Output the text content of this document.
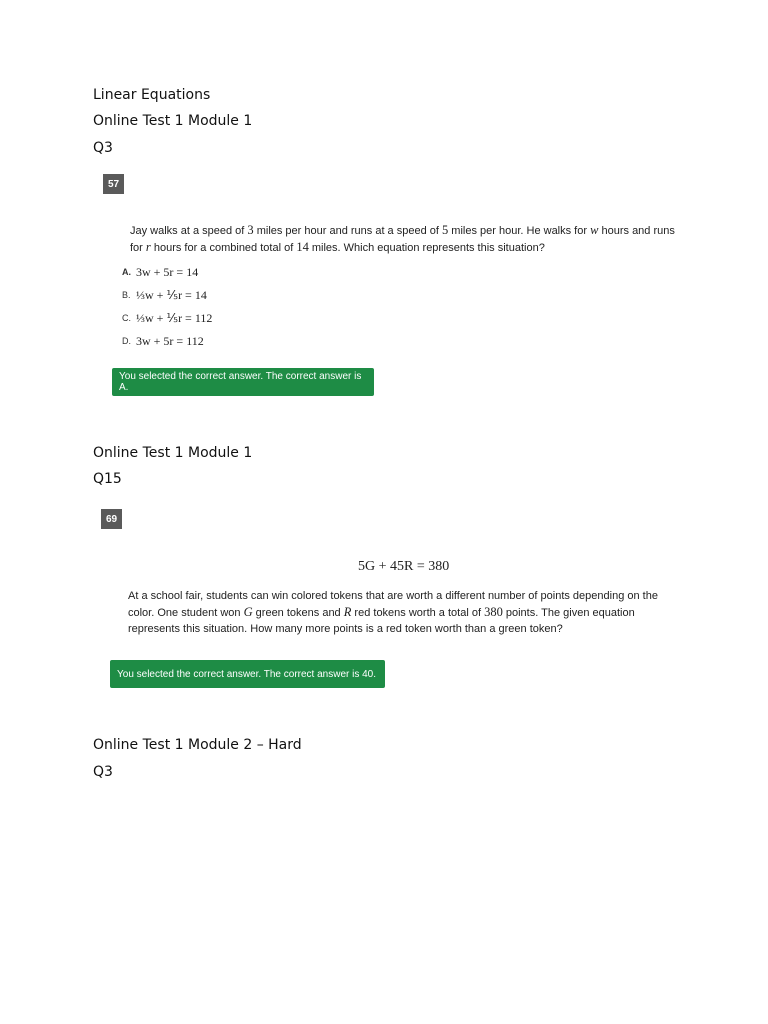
Linear Equations
Online Test 1 Module 1
Q3
57
Jay walks at a speed of 3 miles per hour and runs at a speed of 5 miles per hour. He walks for w hours and runs for r hours for a combined total of 14 miles. Which equation represents this situation?
A. 3w + 5r = 14
B. ⅓w + ⅕r = 14
C. ⅓w + ⅕r = 112
D. 3w + 5r = 112
You selected the correct answer. The correct answer is A.
Online Test 1 Module 1
Q15
69
5G + 45R = 380
At a school fair, students can win colored tokens that are worth a different number of points depending on the color. One student won G green tokens and R red tokens worth a total of 380 points. The given equation represents this situation. How many more points is a red token worth than a green token?
You selected the correct answer. The correct answer is 40.
Online Test 1 Module 2 – Hard
Q3
